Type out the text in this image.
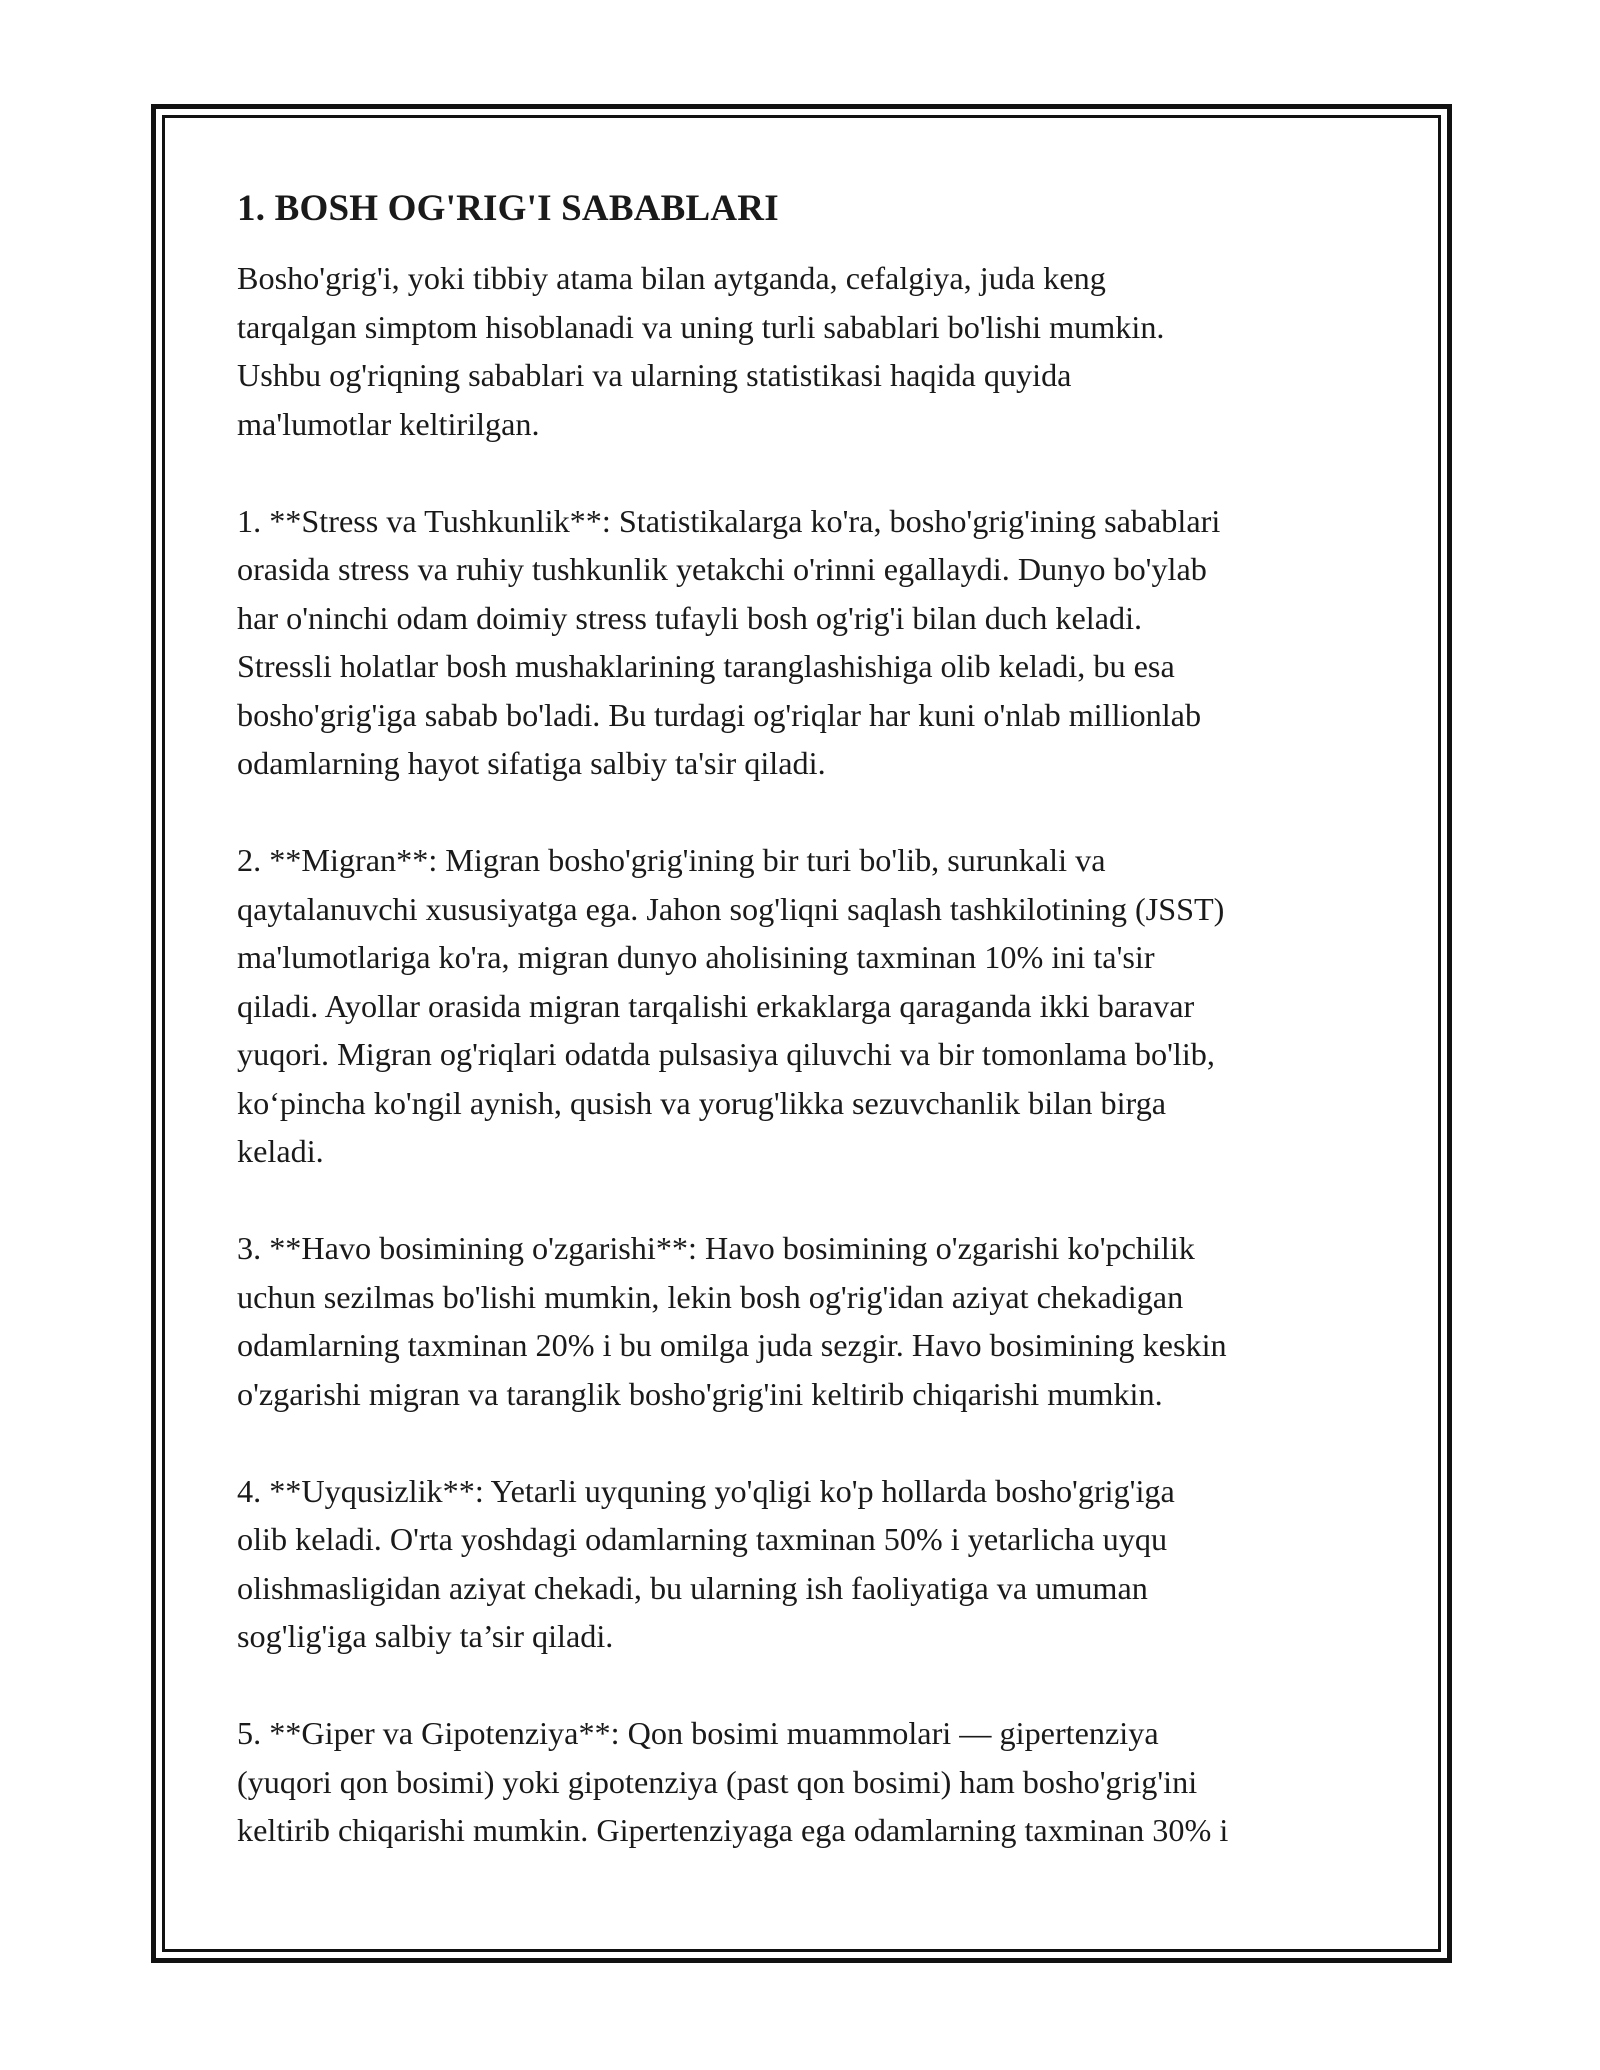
1. BOSH OG'RIG'I SABABLARI

Bosho'grig'i, yoki tibbiy atama bilan aytganda, cefalgiya, juda keng
tarqalgan simptom hisoblanadi va uning turli sabablari bo'lishi mumkin.
Ushbu og'riqning sabablari va ularning statistikasi haqida quyida
ma'lumotlar keltirilgan.

1. **Stress va Tushkunlik**: Statistikalarga ko'ra, bosho'grig'ining sabablari
orasida stress va ruhiy tushkunlik yetakchi o'rinni egallaydi. Dunyo bo'ylab
har o'ninchi odam doimiy stress tufayli bosh og'rig'i bilan duch keladi.
Stressli holatlar bosh mushaklarining taranglashishiga olib keladi, bu esa
bosho'grig'iga sabab bo'ladi. Bu turdagi og'riqlar har kuni o'nlab millionlab
odamlarning hayot sifatiga salbiy ta'sir qiladi.

2. **Migran**: Migran bosho'grig'ining bir turi bo'lib, surunkali va
qaytalanuvchi xususiyatga ega. Jahon sog'liqni saqlash tashkilotining (JSST)
ma'lumotlariga ko'ra, migran dunyo aholisining taxminan 10% ini ta'sir
qiladi. Ayollar orasida migran tarqalishi erkaklarga qaraganda ikki baravar
yuqori. Migran og'riqlari odatda pulsasiya qiluvchi va bir tomonlama bo'lib,
ko‘pincha ko'ngil aynish, qusish va yorug'likka sezuvchanlik bilan birga
keladi.

3. **Havo bosimining o'zgarishi**: Havo bosimining o'zgarishi ko'pchilik
uchun sezilmas bo'lishi mumkin, lekin bosh og'rig'idan aziyat chekadigan
odamlarning taxminan 20% i bu omilga juda sezgir. Havo bosimining keskin
o'zgarishi migran va taranglik bosho'grig'ini keltirib chiqarishi mumkin.

4. **Uyqusizlik**: Yetarli uyquning yo'qligi ko'p hollarda bosho'grig'iga
olib keladi. O'rta yoshdagi odamlarning taxminan 50% i yetarlicha uyqu
olishmasligidan aziyat chekadi, bu ularning ish faoliyatiga va umuman
sog'lig'iga salbiy ta’sir qiladi.

5. **Giper va Gipotenziya**: Qon bosimi muammolari — gipertenziya
(yuqori qon bosimi) yoki gipotenziya (past qon bosimi) ham bosho'grig'ini
keltirib chiqarishi mumkin. Gipertenziyaga ega odamlarning taxminan 30% i
